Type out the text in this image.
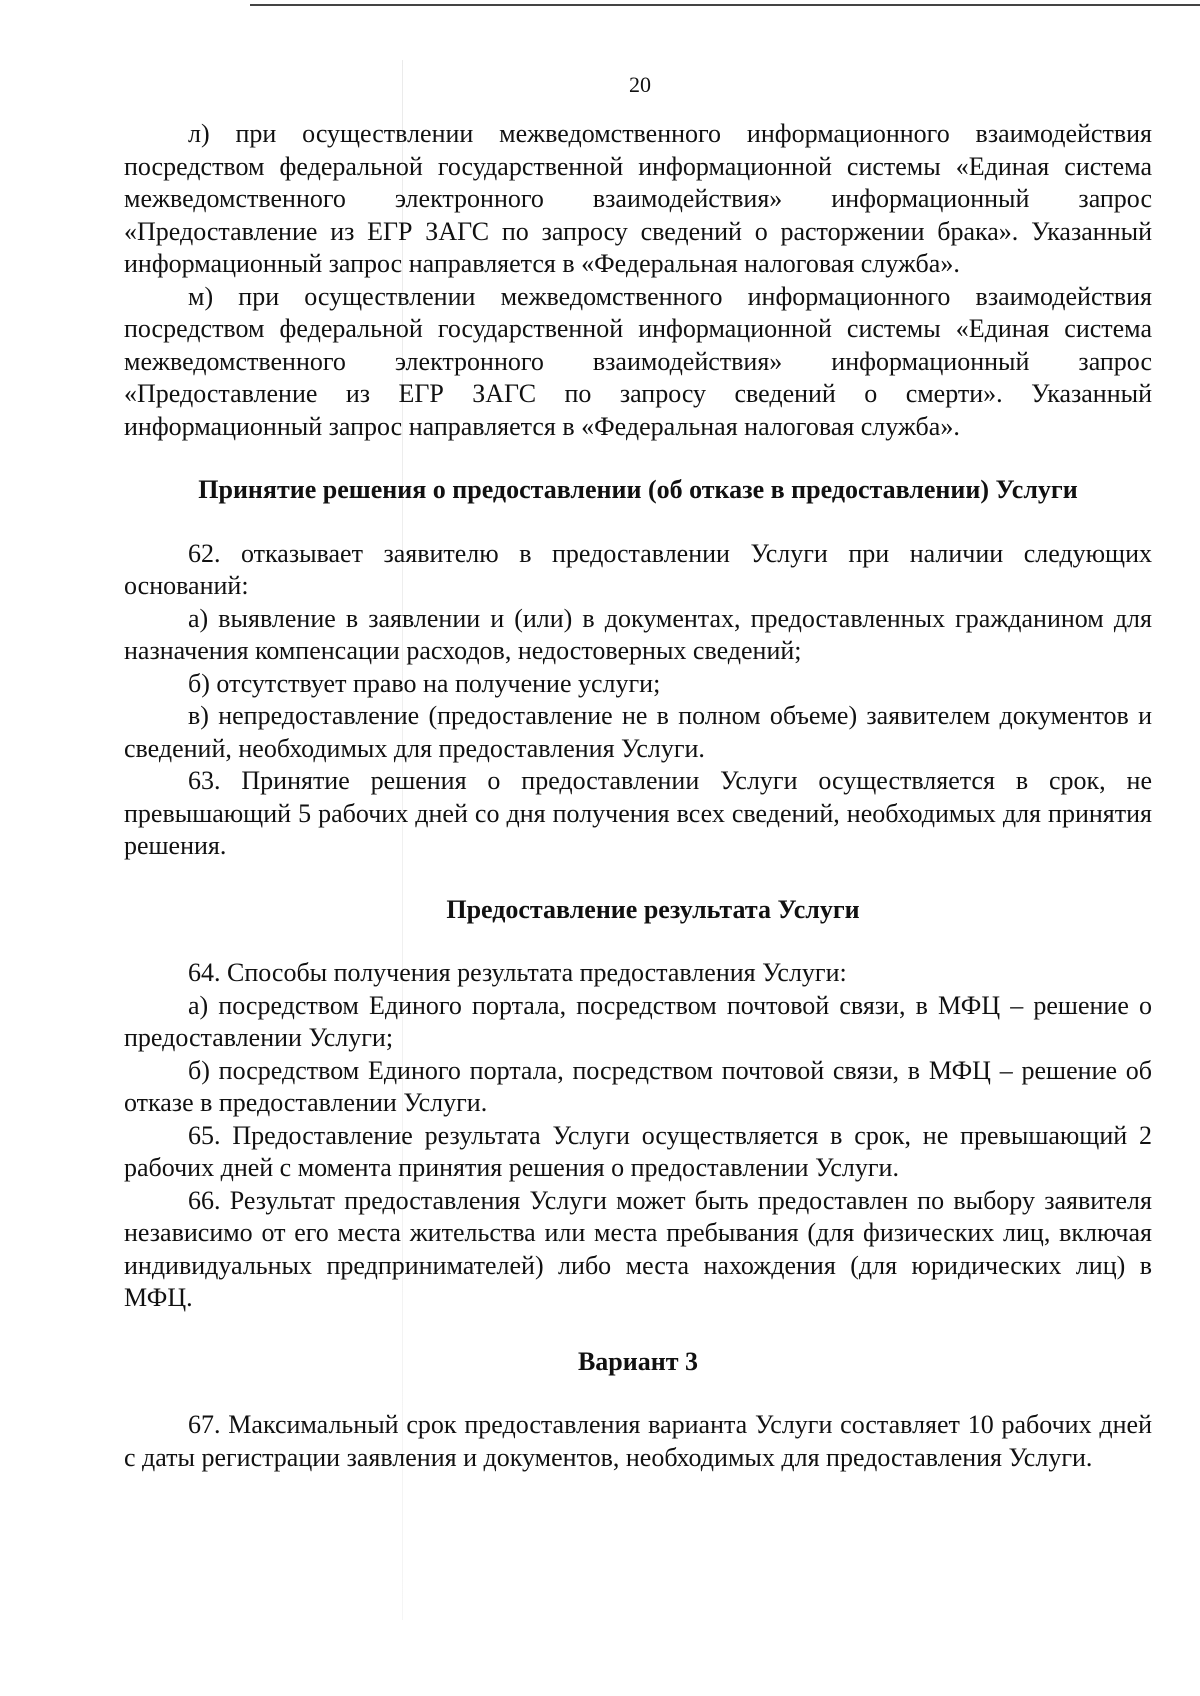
20

л) при осуществлении межведомственного информационного взаимодействия посредством федеральной государственной информационной системы «Единая система межведомственного электронного взаимодействия» информационный запрос «Предоставление из ЕГР ЗАГС по запросу сведений о расторжении брака». Указанный информационный запрос направляется в «Федеральная налоговая служба».

м) при осуществлении межведомственного информационного взаимодействия посредством федеральной государственной информационной системы «Единая система межведомственного электронного взаимодействия» информационный запрос «Предоставление из ЕГР ЗАГС по запросу сведений о смерти». Указанный информационный запрос направляется в «Федеральная налоговая служба».

Принятие решения о предоставлении (об отказе в предоставлении) Услуги

62. отказывает заявителю в предоставлении Услуги при наличии следующих оснований:

а) выявление в заявлении и (или) в документах, предоставленных гражданином для назначения компенсации расходов, недостоверных сведений;

б) отсутствует право на получение услуги;

в) непредоставление (предоставление не в полном объеме) заявителем документов и сведений, необходимых для предоставления Услуги.

63. Принятие решения о предоставлении Услуги осуществляется в срок, не превышающий 5 рабочих дней со дня получения всех сведений, необходимых для принятия решения.

Предоставление результата Услуги

64. Способы получения результата предоставления Услуги:

а) посредством Единого портала, посредством почтовой связи, в МФЦ – решение о предоставлении Услуги;

б) посредством Единого портала, посредством почтовой связи, в МФЦ – решение об отказе в предоставлении Услуги.

65. Предоставление результата Услуги осуществляется в срок, не превышающий 2 рабочих дней с момента принятия решения о предоставлении Услуги.

66. Результат предоставления Услуги может быть предоставлен по выбору заявителя независимо от его места жительства или места пребывания (для физических лиц, включая индивидуальных предпринимателей) либо места нахождения (для юридических лиц) в МФЦ.

Вариант 3

67. Максимальный срок предоставления варианта Услуги составляет 10 рабочих дней с даты регистрации заявления и документов, необходимых для предоставления Услуги.
